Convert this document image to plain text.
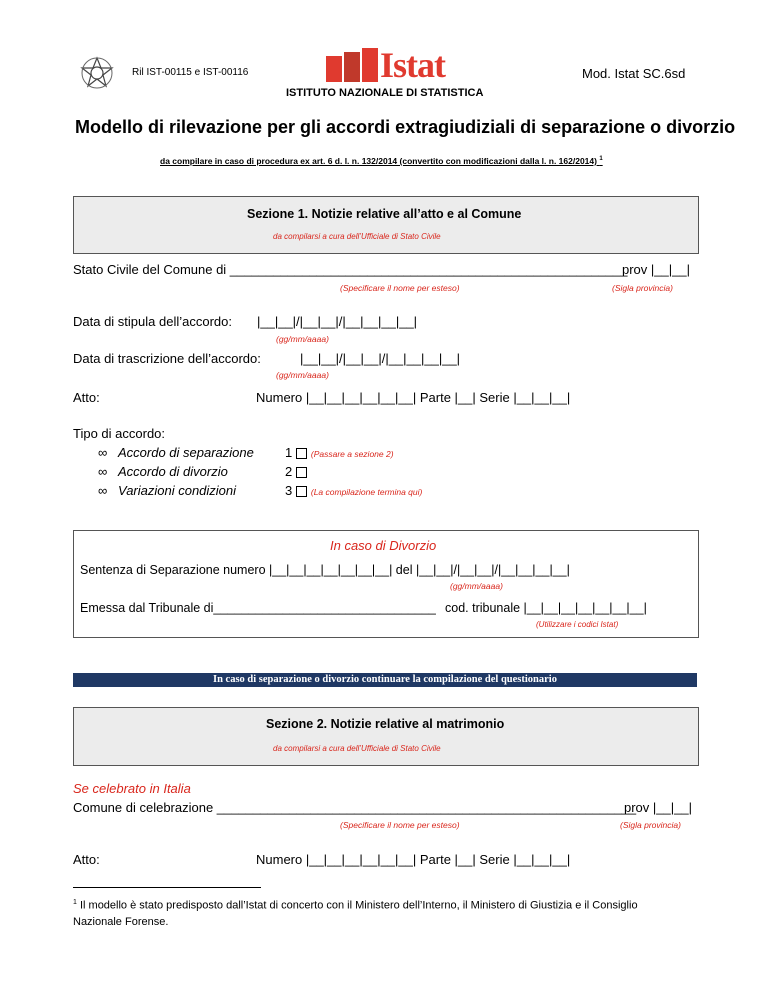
Ril IST-00115 e IST-00116	Istat
ISTITUTO NAZIONALE DI STATISTICA
Mod. Istat SC.6sd
Modello di rilevazione per gli accordi extragiudiziali di separazione o divorzio
da compilare in caso di procedura ex art. 6 d. l. n. 132/2014 (convertito con modificazioni dalla l. n. 162/2014) $^1$
Sezione 1. Notizie relative all’atto e al Comune
da compilarsi a cura dell’Ufficiale di Stato Civile
Stato Civile del Comune di _______________________________________________________
prov |__|__|
(Specificare il nome per esteso)	(Sigla provincia)
Data di stipula dell’accordo: |__|__|/|__|__|/|__|__|__|__|
(gg/mm/aaaa)
Data di trascrizione dell’accordo:	|__|__|/|__|__|/|__|__|__|__|
(gg/mm/aaaa)
Atto:	Numero |__|__|__|__|__|__| Parte |__| Serie |__|__|__|
Tipo di accordo:
∞ Accordo di separazione 1 (Passare a sezione 2)
∞ Accordo di divorzio	2
∞ Variazioni condizioni	3 (La compilazione termina qui)
In caso di Divorzio
Sentenza di Separazione numero |__|__|__|__|__|__|__| del |__|__|/|__|__|/|__|__|__|__|
(gg/mm/aaaa)
Emessa dal Tribunale di________________________________ cod. tribunale |__|__|__|__|__|__|__|
(Utilizzare i codici Istat)
In caso di separazione o divorzio continuare la compilazione del questionario
Sezione 2. Notizie relative al matrimonio
da compilarsi a cura dell’Ufficiale di Stato Civile
Se celebrato in Italia
Comune di celebrazione __________________________________________________________
prov |__|__|
(Specificare il nome per esteso)	(Sigla provincia)
Atto:	Numero |__|__|__|__|__|__| Parte |__| Serie |__|__|__|
$^1$ Il modello è stato predisposto dall’Istat di concerto con il Ministero dell’Interno, il Ministero di Giustizia e il Consiglio
Nazionale Forense.
